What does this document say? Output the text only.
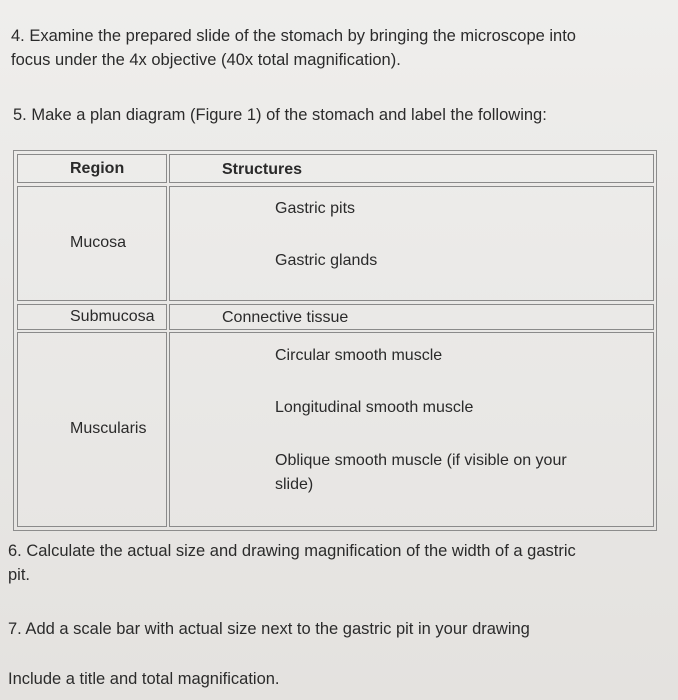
4. Examine the prepared slide of the stomach by bringing the microscope into
focus under the 4x objective (40x total magnification).
5. Make a plan diagram (Figure 1) of the stomach and label the following:
Region	Structures
Mucosa
Gastric pits
Gastric glands
Submucosa	Connective tissue
Muscularis
Circular smooth muscle
Longitudinal smooth muscle
Oblique smooth muscle (if visible on your slide)
6. Calculate the actual size and drawing magnification of the width of a gastric
pit.
7. Add a scale bar with actual size next to the gastric pit in your drawing
Include a title and total magnification.
